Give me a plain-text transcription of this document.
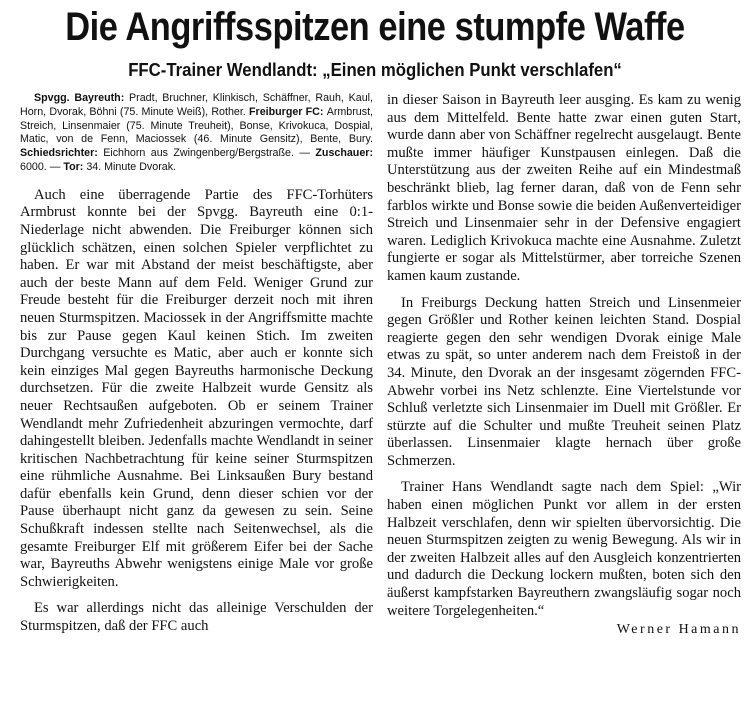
Die Angriffsspitzen eine stumpfe Waffe
FFC-Trainer Wendlandt: „Einen möglichen Punkt verschlafen“

Spvgg. Bayreuth: Pradt, Bruchner, Klinkisch, Schäffner, Rauh, Kaul, Horn, Dvorak, Böhni (75. Minute Weiß), Rother. Freiburger FC: Armbrust, Streich, Linsenmaier (75. Minute Treuheit), Bonse, Krivokuca, Dospial, Matic, von de Fenn, Maciossek (46. Minute Gensitz), Bente, Bury. Schiedsrichter: Eichhorn aus Zwingenberg/Bergstraße. — Zuschauer: 6000. — Tor: 34. Minute Dvorak.

Auch eine überragende Partie des FFC-Torhüters Armbrust konnte bei der Spvgg. Bayreuth eine 0:1-Niederlage nicht abwenden. Die Freiburger können sich glücklich schätzen, einen solchen Spieler verpflichtet zu haben. Er war mit Abstand der meist beschäftigste, aber auch der beste Mann auf dem Feld. Weniger Grund zur Freude besteht für die Freiburger derzeit noch mit ihren neuen Sturmspitzen. Maciossek in der Angriffsmitte machte bis zur Pause gegen Kaul keinen Stich. Im zweiten Durchgang versuchte es Matic, aber auch er konnte sich kein einziges Mal gegen Bayreuths harmonische Deckung durchsetzen. Für die zweite Halbzeit wurde Gensitz als neuer Rechtsaußen aufgeboten. Ob er seinem Trainer Wendlandt mehr Zufriedenheit abzuringen vermochte, darf dahingestellt bleiben. Jedenfalls machte Wendlandt in seiner kritischen Nachbetrachtung für keine seiner Sturmspitzen eine rühmliche Ausnahme. Bei Linksaußen Bury bestand dafür ebenfalls kein Grund, denn dieser schien vor der Pause überhaupt nicht ganz da gewesen zu sein. Seine Schußkraft indessen stellte nach Seitenwechsel, als die gesamte Freiburger Elf mit größerem Eifer bei der Sache war, Bayreuths Abwehr wenigstens einige Male vor große Schwierigkeiten.

Es war allerdings nicht das alleinige Verschulden der Sturmspitzen, daß der FFC auch

in dieser Saison in Bayreuth leer ausging. Es kam zu wenig aus dem Mittelfeld. Bente hatte zwar einen guten Start, wurde dann aber von Schäffner regelrecht ausgelaugt. Bente mußte immer häufiger Kunstpausen einlegen. Daß die Unterstützung aus der zweiten Reihe auf ein Mindestmaß beschränkt blieb, lag ferner daran, daß von de Fenn sehr farblos wirkte und Bonse sowie die beiden Außenverteidiger Streich und Linsenmaier sehr in der Defensive engagiert waren. Lediglich Krivokuca machte eine Ausnahme. Zuletzt fungierte er sogar als Mittelstürmer, aber torreiche Szenen kamen kaum zustande.

In Freiburgs Deckung hatten Streich und Linsenmeier gegen Größler und Rother keinen leichten Stand. Dospial reagierte gegen den sehr wendigen Dvorak einige Male etwas zu spät, so unter anderem nach dem Freistoß in der 34. Minute, den Dvorak an der insgesamt zögernden FFC-Abwehr vorbei ins Netz schlenzte. Eine Viertelstunde vor Schluß verletzte sich Linsenmaier im Duell mit Größler. Er stürzte auf die Schulter und mußte Treuheit seinen Platz überlassen. Linsenmaier klagte hernach über große Schmerzen.

Trainer Hans Wendlandt sagte nach dem Spiel: „Wir haben einen möglichen Punkt vor allem in der ersten Halbzeit verschlafen, denn wir spielten übervorsichtig. Die neuen Sturmspitzen zeigten zu wenig Bewegung. Als wir in der zweiten Halbzeit alles auf den Ausgleich konzentrierten und dadurch die Deckung lockern mußten, boten sich den äußerst kampfstarken Bayreuthern zwangsläufig sogar noch weitere Torgelegenheiten.“

Werner Hamann
